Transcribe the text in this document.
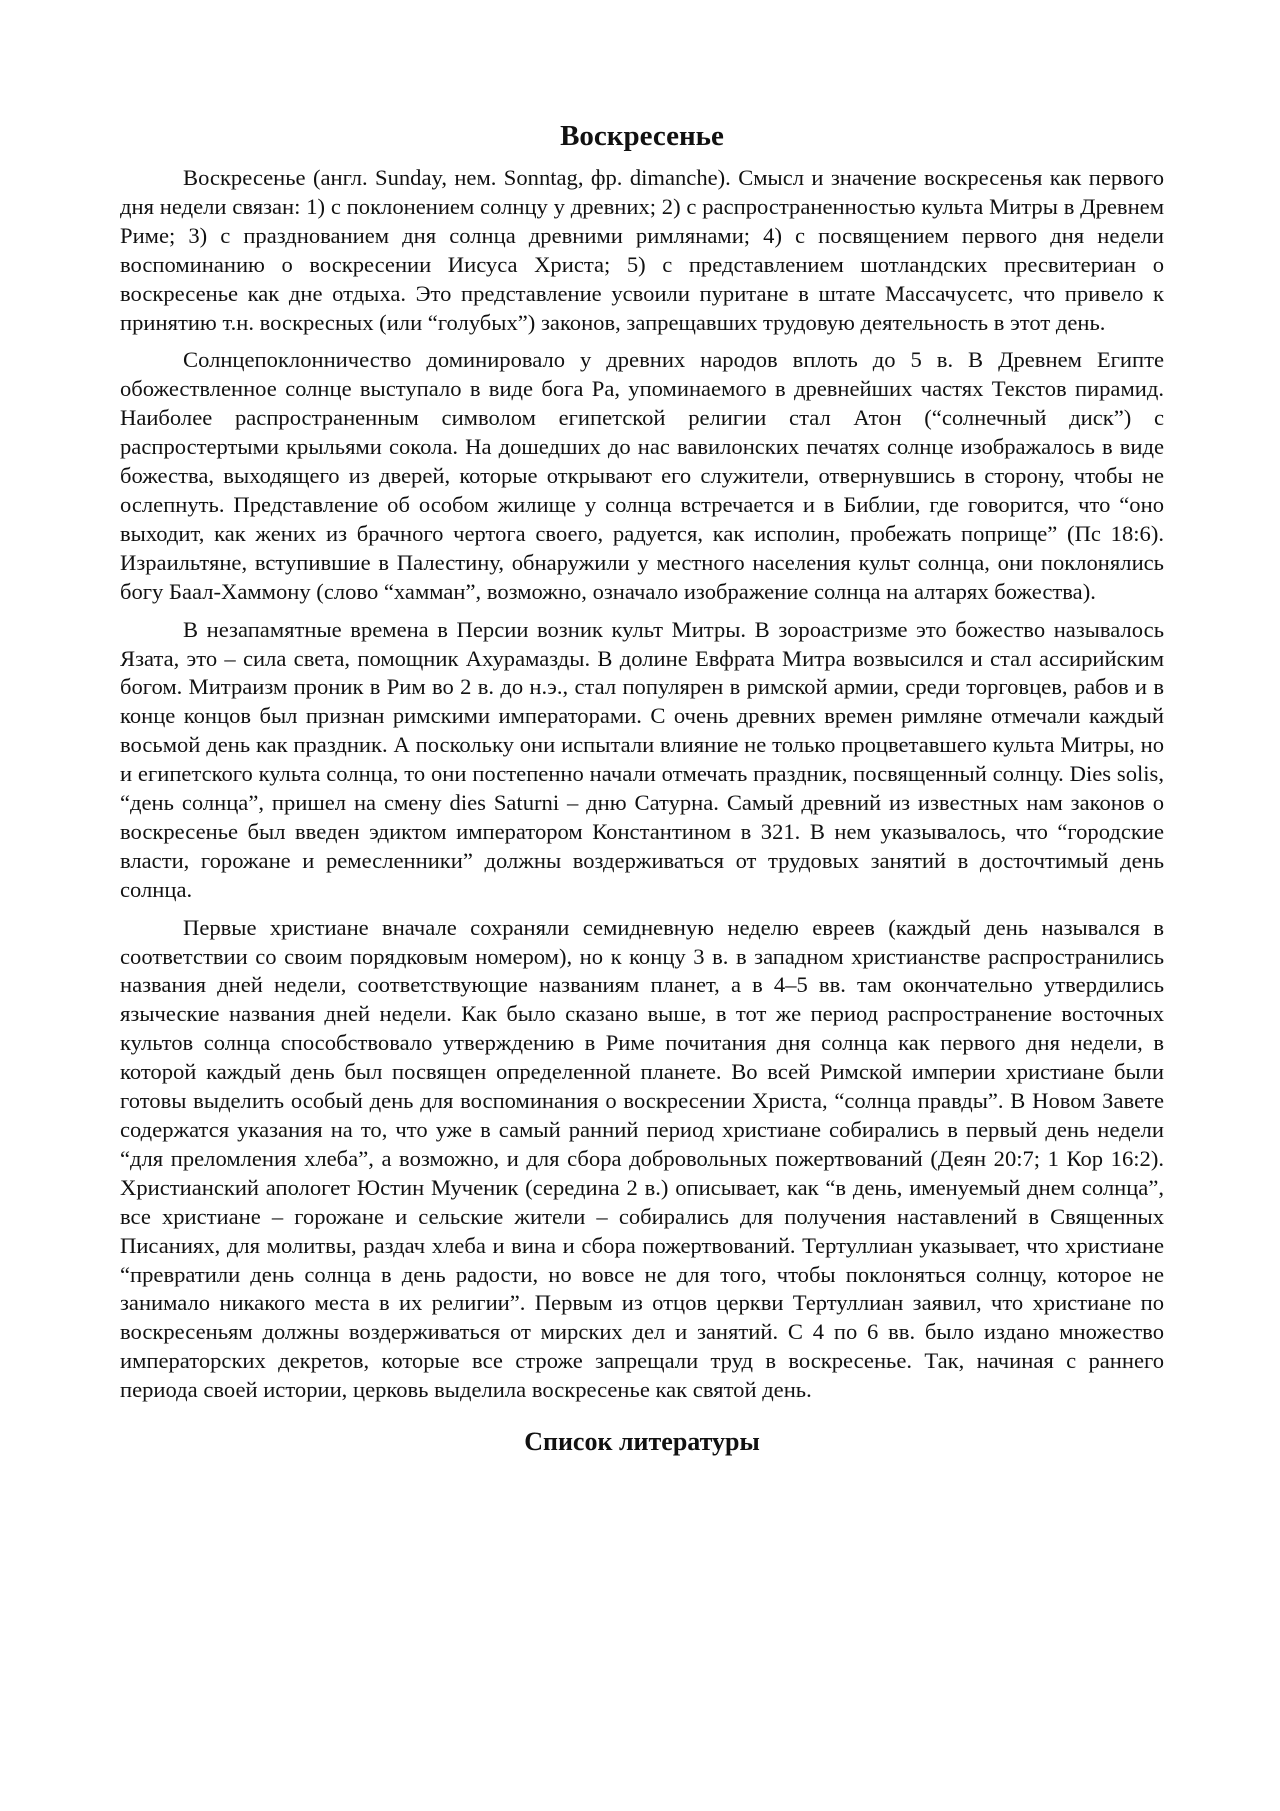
Воскресенье

Воскресенье (англ. Sunday, нем. Sonntag, фр. dimanche). Смысл и значение воскресенья как первого дня недели связан: 1) с поклонением солнцу у древних; 2) с распространенностью культа Митры в Древнем Риме; 3) с празднованием дня солнца древними римлянами; 4) с посвящением первого дня недели воспоминанию о воскресении Иисуса Христа; 5) с представлением шотландских пресвитериан о воскресенье как дне отдыха. Это представление усвоили пуритане в штате Массачусетс, что привело к принятию т.н. воскресных (или “голубых”) законов, запрещавших трудовую деятельность в этот день.

Солнцепоклонничество доминировало у древних народов вплоть до 5 в. В Древнем Египте обожествленное солнце выступало в виде бога Ра, упоминаемого в древнейших частях Текстов пирамид. Наиболее распространенным символом египетской религии стал Атон (“солнечный диск”) с распростертыми крыльями сокола. На дошедших до нас вавилонских печатях солнце изображалось в виде божества, выходящего из дверей, которые открывают его служители, отвернувшись в сторону, чтобы не ослепнуть. Представление об особом жилище у солнца встречается и в Библии, где говорится, что “оно выходит, как жених из брачного чертога своего, радуется, как исполин, пробежать поприще” (Пс 18:6). Израильтяне, вступившие в Палестину, обнаружили у местного населения культ солнца, они поклонялись богу Баал-Хаммону (слово “хамман”, возможно, означало изображение солнца на алтарях божества).

В незапамятные времена в Персии возник культ Митры. В зороастризме это божество называлось Язата, это – сила света, помощник Ахурамазды. В долине Евфрата Митра возвысился и стал ассирийским богом. Митраизм проник в Рим во 2 в. до н.э., стал популярен в римской армии, среди торговцев, рабов и в конце концов был признан римскими императорами. С очень древних времен римляне отмечали каждый восьмой день как праздник. А поскольку они испытали влияние не только процветавшего культа Митры, но и египетского культа солнца, то они постепенно начали отмечать праздник, посвященный солнцу. Dies solis, “день солнца”, пришел на смену dies Saturni – дню Сатурна. Самый древний из известных нам законов о воскресенье был введен эдиктом императором Константином в 321. В нем указывалось, что “городские власти, горожане и ремесленники” должны воздерживаться от трудовых занятий в досточтимый день солнца.

Первые христиане вначале сохраняли семидневную неделю евреев (каждый день назывался в соответствии со своим порядковым номером), но к концу 3 в. в западном христианстве распространились названия дней недели, соответствующие названиям планет, а в 4–5 вв. там окончательно утвердились языческие названия дней недели. Как было сказано выше, в тот же период распространение восточных культов солнца способствовало утверждению в Риме почитания дня солнца как первого дня недели, в которой каждый день был посвящен определенной планете. Во всей Римской империи христиане были готовы выделить особый день для воспоминания о воскресении Христа, “солнца правды”. В Новом Завете содержатся указания на то, что уже в самый ранний период христиане собирались в первый день недели “для преломления хлеба”, а возможно, и для сбора добровольных пожертвований (Деян 20:7; 1 Кор 16:2). Христианский апологет Юстин Мученик (середина 2 в.) описывает, как “в день, именуемый днем солнца”, все христиане – горожане и сельские жители – собирались для получения наставлений в Священных Писаниях, для молитвы, раздач хлеба и вина и сбора пожертвований. Тертуллиан указывает, что христиане “превратили день солнца в день радости, но вовсе не для того, чтобы поклоняться солнцу, которое не занимало никакого места в их религии”. Первым из отцов церкви Тертуллиан заявил, что христиане по воскресеньям должны воздерживаться от мирских дел и занятий. С 4 по 6 вв. было издано множество императорских декретов, которые все строже запрещали труд в воскресенье. Так, начиная с раннего периода своей истории, церковь выделила воскресенье как святой день.

Список литературы
